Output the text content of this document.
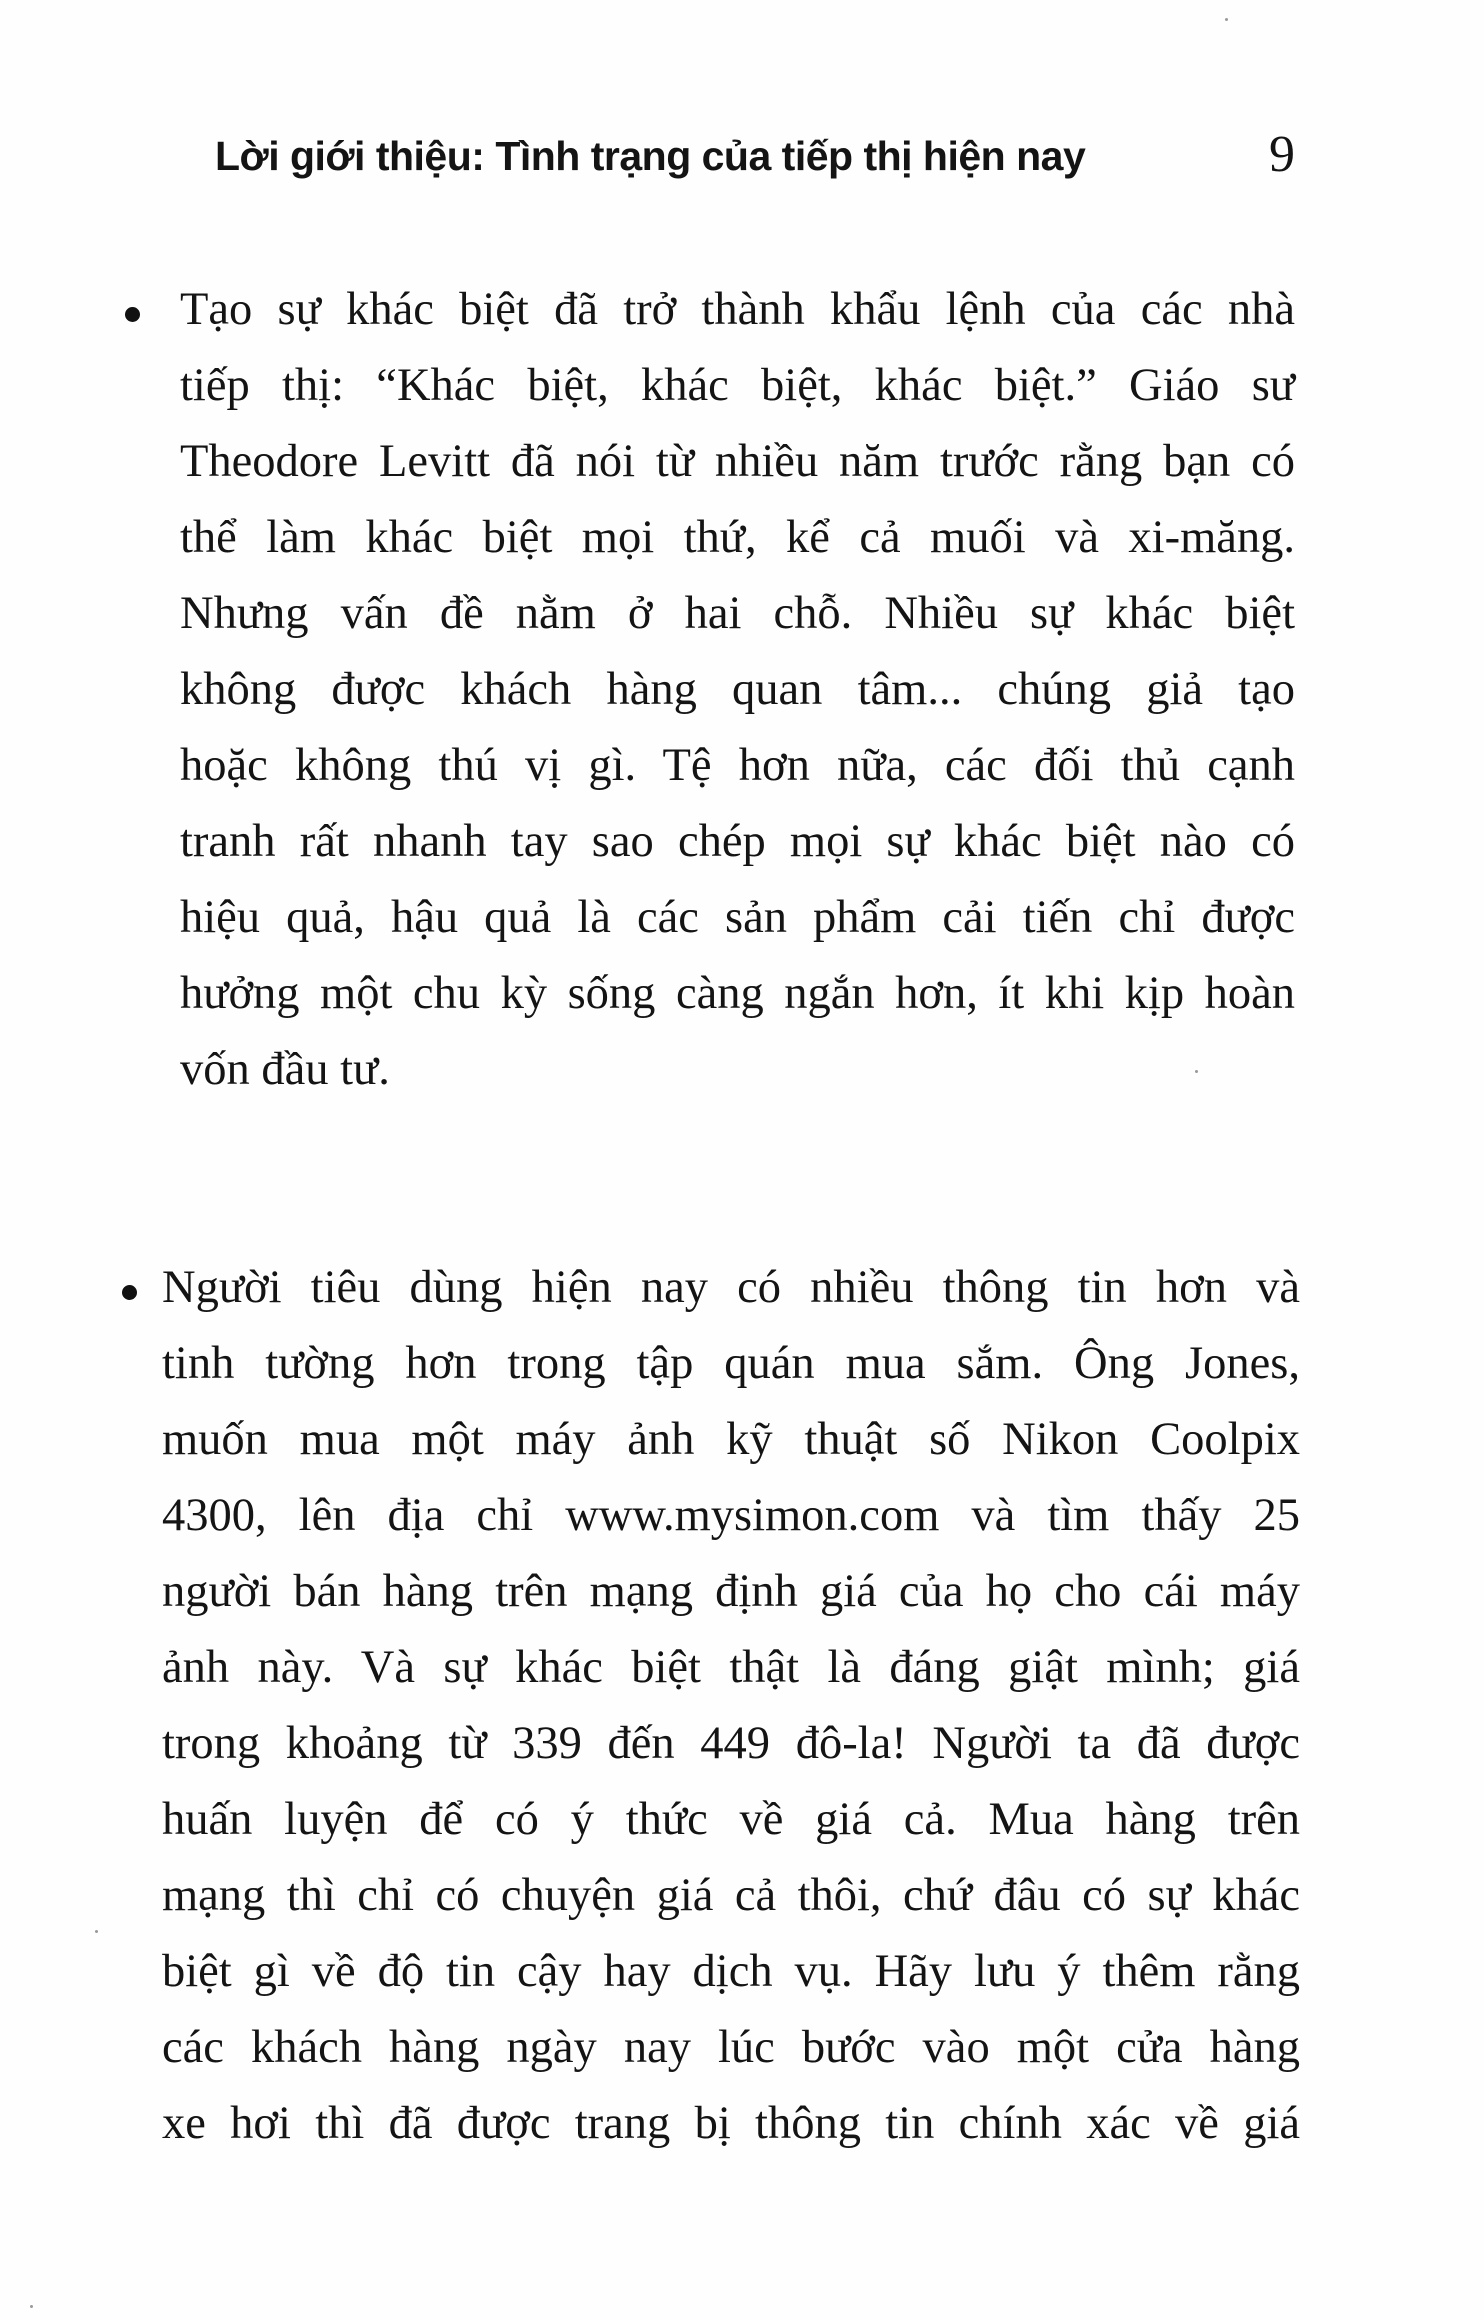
Lời giới thiệu: Tình trạng của tiếp thị hiện nay	9
Tạo sự khác biệt đã trở thành khẩu lệnh của các nhà
tiếp thị: “Khác biệt, khác biệt, khác biệt.” Giáo sư
Theodore Levitt đã nói từ nhiều năm trước rằng bạn có
thể làm khác biệt mọi thứ, kể cả muối và xi-măng.
Nhưng vấn đề nằm ở hai chỗ. Nhiều sự khác biệt
không được khách hàng quan tâm... chúng giả tạo
hoặc không thú vị gì. Tệ hơn nữa, các đối thủ cạnh
tranh rất nhanh tay sao chép mọi sự khác biệt nào có
hiệu quả, hậu quả là các sản phẩm cải tiến chỉ được
hưởng một chu kỳ sống càng ngắn hơn, ít khi kịp hoàn
vốn đầu tư.
Người tiêu dùng hiện nay có nhiều thông tin hơn và
tinh tường hơn trong tập quán mua sắm. Ông Jones,
muốn mua một máy ảnh kỹ thuật số Nikon Coolpix
4300, lên địa chỉ www.mysimon.com và tìm thấy 25
người bán hàng trên mạng định giá của họ cho cái máy
ảnh này. Và sự khác biệt thật là đáng giật mình; giá
trong khoảng từ 339 đến 449 đô-la! Người ta đã được
huấn luyện để có ý thức về giá cả. Mua hàng trên
mạng thì chỉ có chuyện giá cả thôi, chứ đâu có sự khác
biệt gì về độ tin cậy hay dịch vụ. Hãy lưu ý thêm rằng
các khách hàng ngày nay lúc bước vào một cửa hàng
xe hơi thì đã được trang bị thông tin chính xác về giá
